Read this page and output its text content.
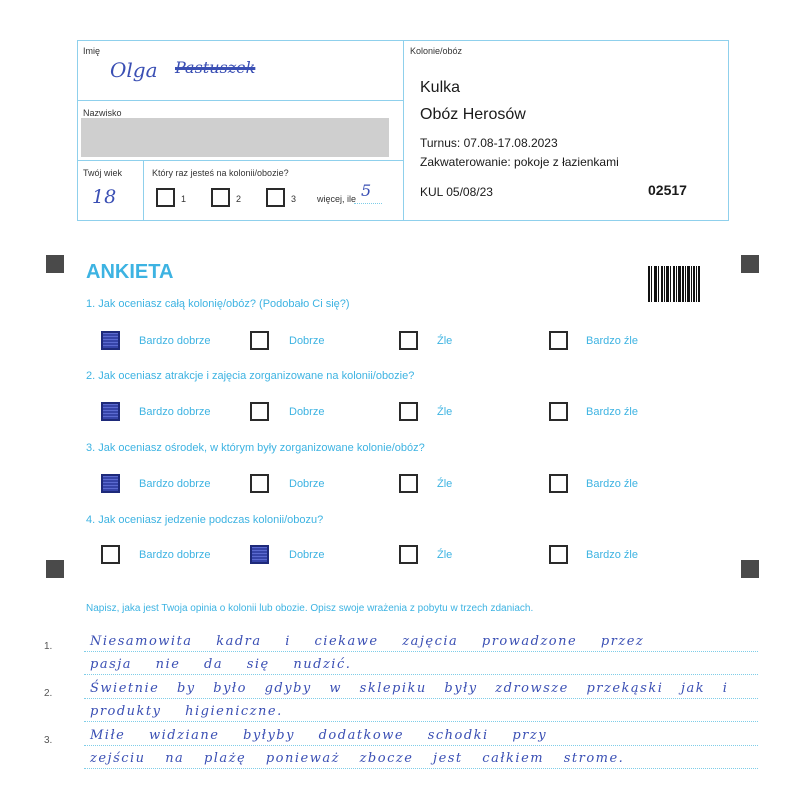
Imię
Olga Pastuszek
Nazwisko
Twój wiek
18
Który raz jesteś na kolonii/obozie?
1	2	3 więcej, ile 5
Kolonie/obóz
Kulka
Obóz Herosów
Turnus: 07.08-17.08.2023
Zakwaterowanie: pokoje z łazienkami
KUL 05/08/23	02517
ANKIETA
1. Jak oceniasz całą kolonię/obóz? (Podobało Ci się?)
Bardzo dobrze	Dobrze	Źle	Bardzo źle
2. Jak oceniasz atrakcje i zajęcia zorganizowane na kolonii/obozie?
Bardzo dobrze	Dobrze	Źle	Bardzo źle
3. Jak oceniasz ośrodek, w którym były zorganizowane kolonie/obóz?
Bardzo dobrze	Dobrze	Źle	Bardzo źle
4. Jak oceniasz jedzenie podczas kolonii/obozu?
Bardzo dobrze	Dobrze	Źle	Bardzo źle
Napisz, jaka jest Twoja opinia o kolonii lub obozie. Opisz swoje wrażenia z pobytu w trzech zdaniach.
1.
2.
3.
Niesamowita kadra i ciekawe zajęcia prowadzone przez
pasja nie da się nudzić.
Świetnie by było gdyby w sklepiku były zdrowsze przekąski jak i
produkty higieniczne.
Miłe widziane byłyby dodatkowe schodki przy
zejściu na plażę ponieważ zbocze jest całkiem strome.
